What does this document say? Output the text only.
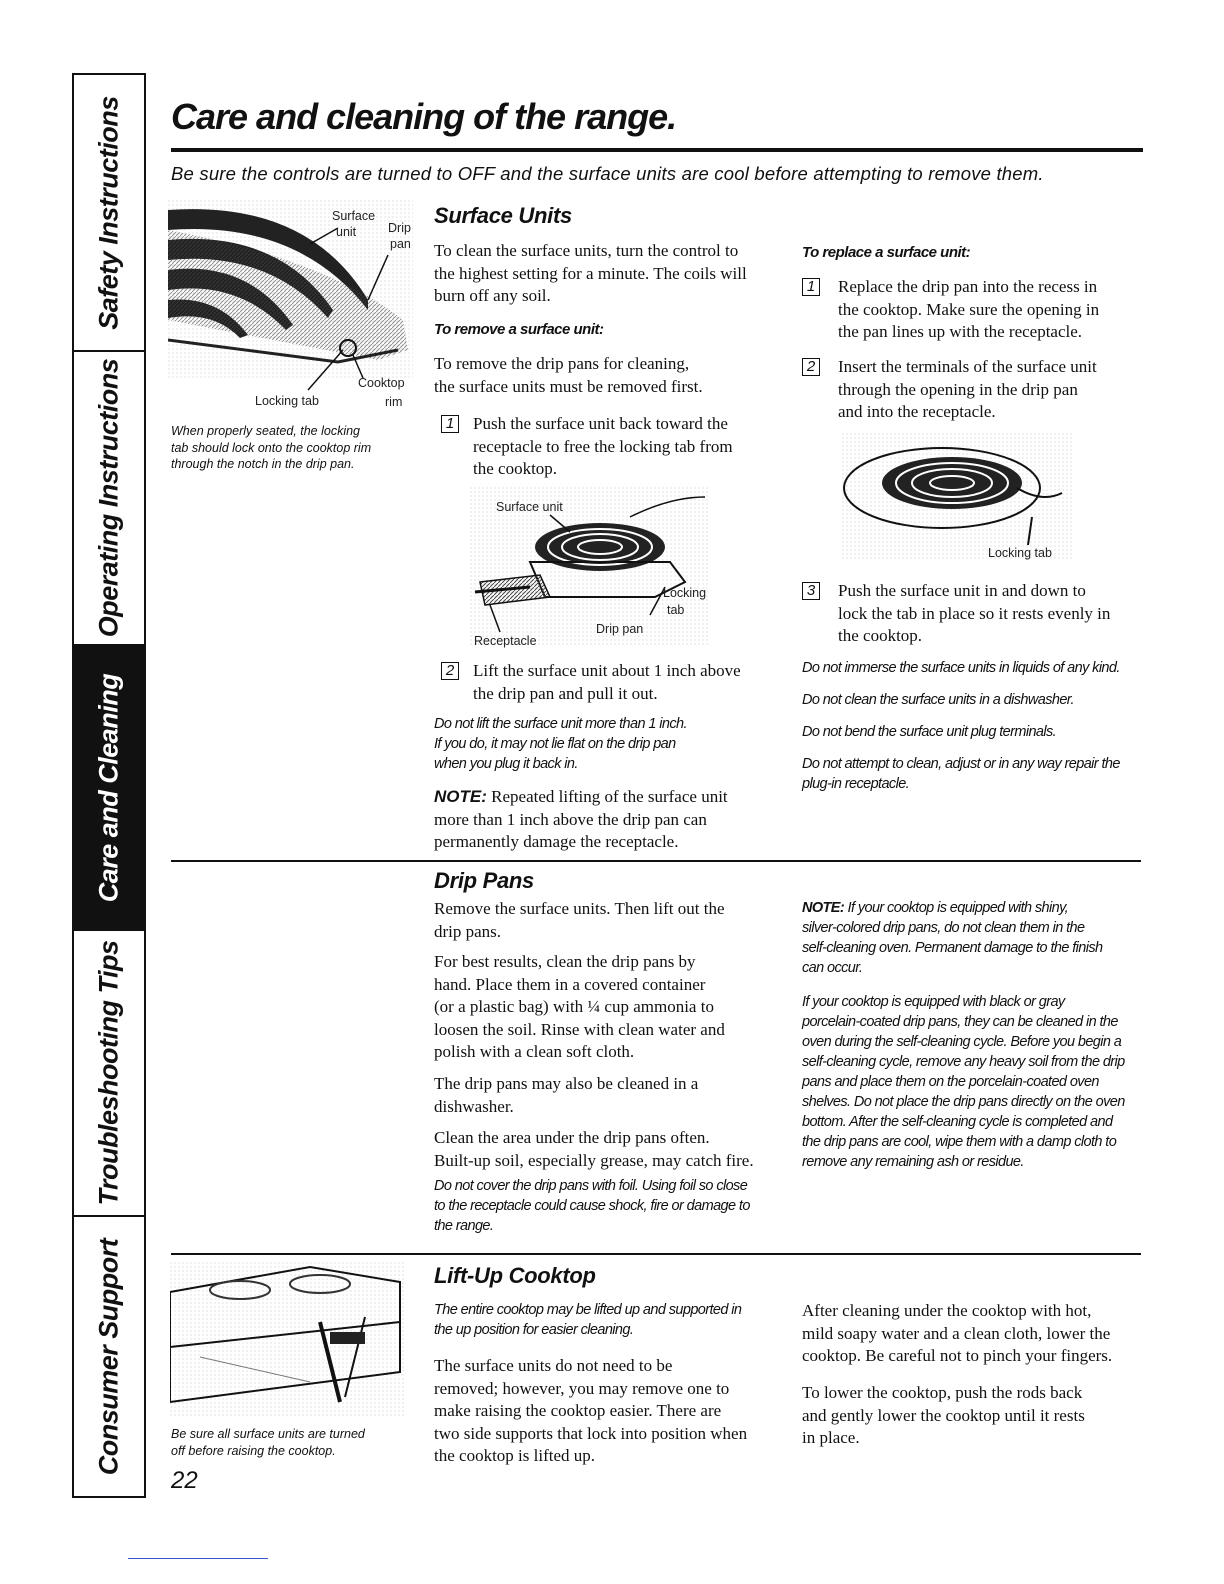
Safety Instructions
Operating Instructions
Care and Cleaning
Troubleshooting Tips
Consumer Support
Care and cleaning of the range.
Be sure the controls are turned to OFF and the surface units are cool before attempting to remove them.
Surface
unit	Drip
pan
Cooktop
Locking tab	rim
When properly seated, the locking
tab should lock onto the cooktop rim
through the notch in the drip pan.
Surface Units
To clean the surface units, turn the control to
the highest setting for a minute. The coils will
burn off any soil.
To remove a surface unit:
To remove the drip pans for cleaning,
the surface units must be removed first.
1 Push the surface unit back toward the
receptacle to free the locking tab from
the cooktop.
Surface unit
Locking
tab
Drip pan
Receptacle
2 Lift the surface unit about 1 inch above
the drip pan and pull it out.
Do not lift the surface unit more than 1 inch.
If you do, it may not lie flat on the drip pan
when you plug it back in.
NOTE: Repeated lifting of the surface unit
more than 1 inch above the drip pan can
permanently damage the receptacle.
To replace a surface unit:
1 Replace the drip pan into the recess in
the cooktop. Make sure the opening in
the pan lines up with the receptacle.
2 Insert the terminals of the surface unit
through the opening in the drip pan
and into the receptacle.
Locking tab
3 Push the surface unit in and down to
lock the tab in place so it rests evenly in
the cooktop.
Do not immerse the surface units in liquids of any kind.
Do not clean the surface units in a dishwasher.
Do not bend the surface unit plug terminals.
Do not attempt to clean, adjust or in any way repair the
plug-in receptacle.
Drip Pans
Remove the surface units. Then lift out the
drip pans.
For best results, clean the drip pans by
hand. Place them in a covered container
(or a plastic bag) with ¼ cup ammonia to
loosen the soil. Rinse with clean water and
polish with a clean soft cloth.
The drip pans may also be cleaned in a
dishwasher.
Clean the area under the drip pans often.
Built-up soil, especially grease, may catch fire.
Do not cover the drip pans with foil. Using foil so close
to the receptacle could cause shock, fire or damage to
the range.
NOTE: If your cooktop is equipped with shiny,
silver-colored drip pans, do not clean them in the
self-cleaning oven. Permanent damage to the finish
can occur.
If your cooktop is equipped with black or gray
porcelain-coated drip pans, they can be cleaned in the
oven during the self-cleaning cycle. Before you begin a
self-cleaning cycle, remove any heavy soil from the drip
pans and place them on the porcelain-coated oven
shelves. Do not place the drip pans directly on the oven
bottom. After the self-cleaning cycle is completed and
the drip pans are cool, wipe them with a damp cloth to
remove any remaining ash or residue.
Be sure all surface units are turned
off before raising the cooktop.
Lift-Up Cooktop
The entire cooktop may be lifted up and supported in
the up position for easier cleaning.
The surface units do not need to be
removed; however, you may remove one to
make raising the cooktop easier. There are
two side supports that lock into position when
the cooktop is lifted up.
After cleaning under the cooktop with hot,
mild soapy water and a clean cloth, lower the
cooktop. Be careful not to pinch your fingers.
To lower the cooktop, push the rods back
and gently lower the cooktop until it rests
in place.
22
